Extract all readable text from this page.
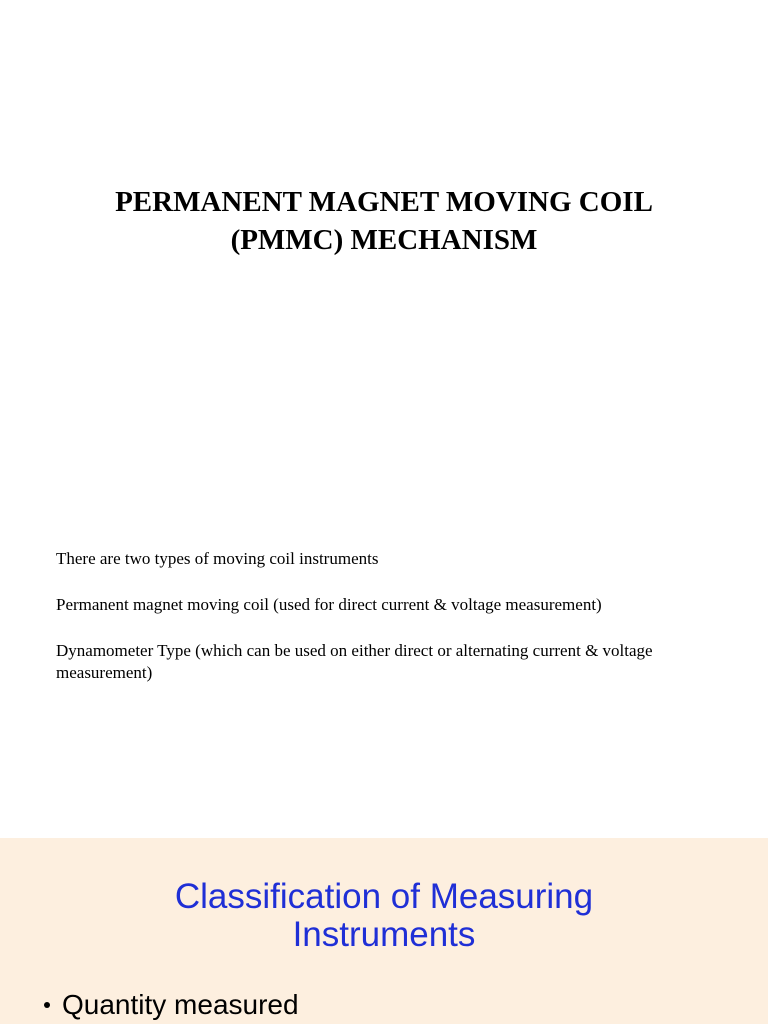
PERMANENT MAGNET MOVING COIL
(PMMC) MECHANISM
There are two types of moving coil instruments
Permanent magnet moving coil (used for direct current & voltage measurement)
Dynamometer Type (which can be used on either direct or alternating current & voltage measurement)
Classification of Measuring
Instruments
Quantity measured
